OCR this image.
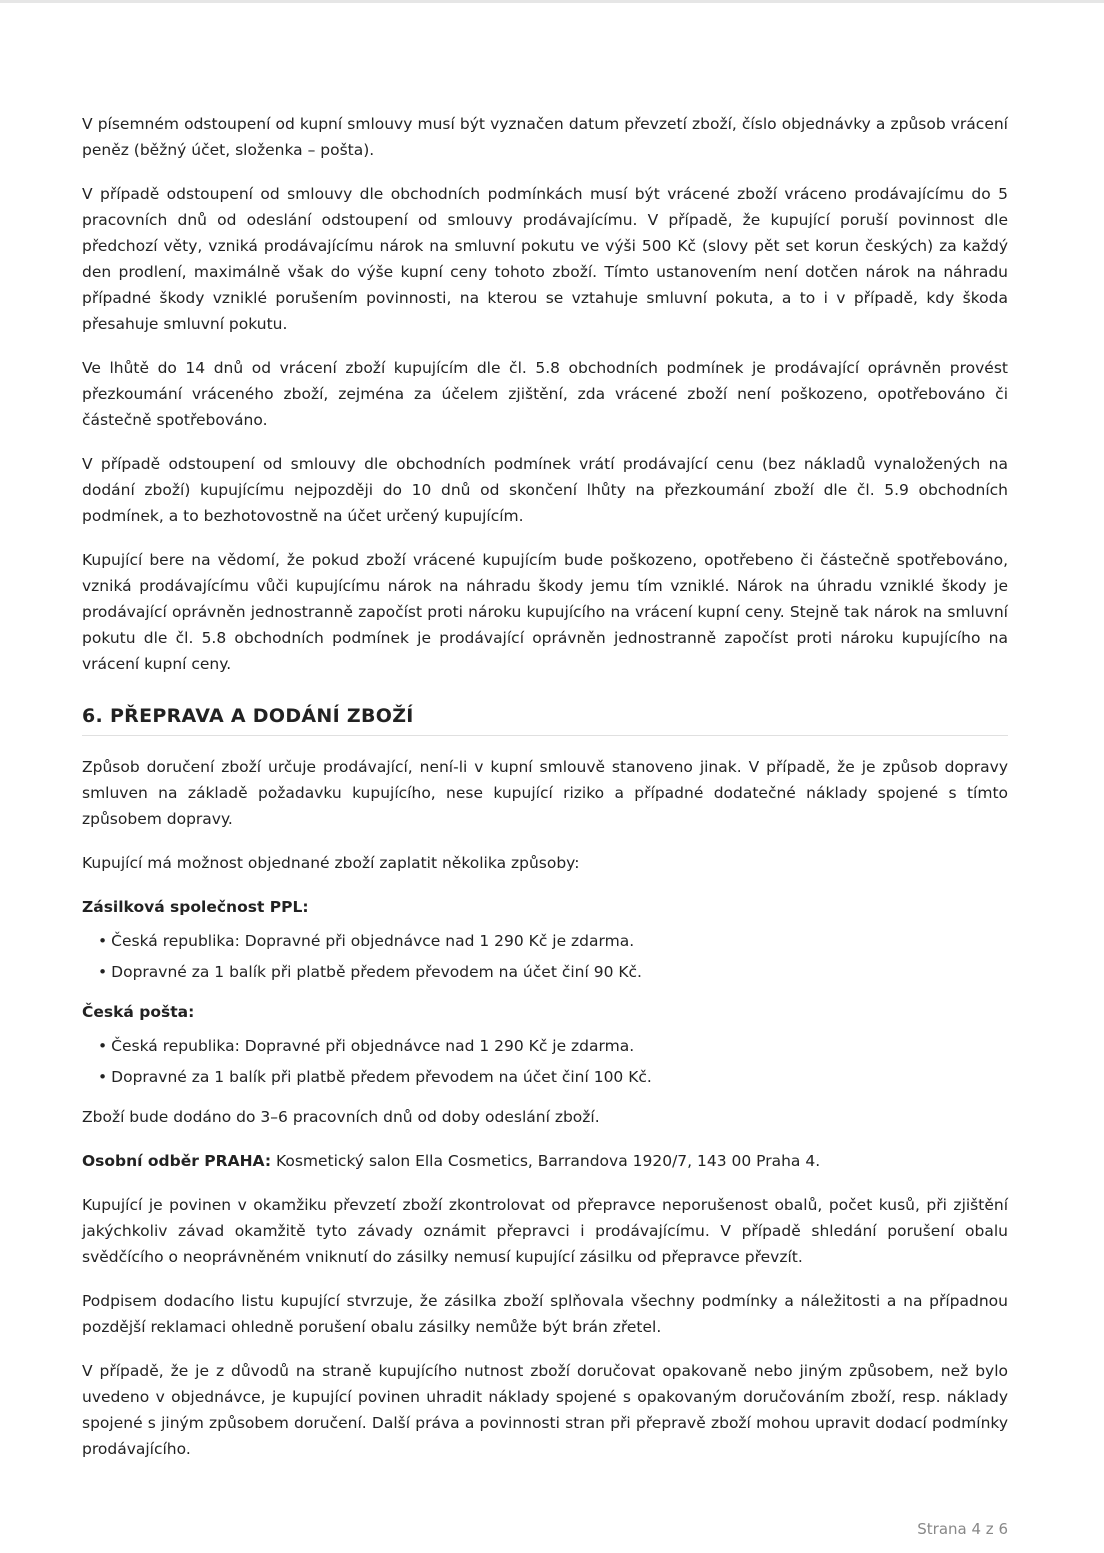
V písemném odstoupení od kupní smlouvy musí být vyznačen datum převzetí zboží, číslo objednávky a způsob vrácení peněz (běžný účet, složenka – pošta).

V případě odstoupení od smlouvy dle obchodních podmínkách musí být vrácené zboží vráceno prodávajícímu do 5 pracovních dnů od odeslání odstoupení od smlouvy prodávajícímu. V případě, že kupující poruší povinnost dle předchozí věty, vzniká prodávajícímu nárok na smluvní pokutu ve výši 500 Kč (slovy pět set korun českých) za každý den prodlení, maximálně však do výše kupní ceny tohoto zboží. Tímto ustanovením není dotčen nárok na náhradu případné škody vzniklé porušením povinnosti, na kterou se vztahuje smluvní pokuta, a to i v případě, kdy škoda přesahuje smluvní pokutu.

Ve lhůtě do 14 dnů od vrácení zboží kupujícím dle čl. 5.8 obchodních podmínek je prodávající oprávněn provést přezkoumání vráceného zboží, zejména za účelem zjištění, zda vrácené zboží není poškozeno, opotřebováno či částečně spotřebováno.

V případě odstoupení od smlouvy dle obchodních podmínek vrátí prodávající cenu (bez nákladů vynaložených na dodání zboží) kupujícímu nejpozději do 10 dnů od skončení lhůty na přezkoumání zboží dle čl. 5.9 obchodních podmínek, a to bezhotovostně na účet určený kupujícím.

Kupující bere na vědomí, že pokud zboží vrácené kupujícím bude poškozeno, opotřebeno či částečně spotřebováno, vzniká prodávajícímu vůči kupujícímu nárok na náhradu škody jemu tím vzniklé. Nárok na úhradu vzniklé škody je prodávající oprávněn jednostranně započíst proti nároku kupujícího na vrácení kupní ceny. Stejně tak nárok na smluvní pokutu dle čl. 5.8 obchodních podmínek je prodávající oprávněn jednostranně započíst proti nároku kupujícího na vrácení kupní ceny.

6. PŘEPRAVA A DODÁNÍ ZBOŽÍ

Způsob doručení zboží určuje prodávající, není-li v kupní smlouvě stanoveno jinak. V případě, že je způsob dopravy smluven na základě požadavku kupujícího, nese kupující riziko a případné dodatečné náklady spojené s tímto způsobem dopravy.

Kupující má možnost objednané zboží zaplatit několika způsoby:

Zásilková společnost PPL:
• Česká republika: Dopravné při objednávce nad 1 290 Kč je zdarma.
• Dopravné za 1 balík při platbě předem převodem na účet činí 90 Kč.
Česká pošta:
• Česká republika: Dopravné při objednávce nad 1 290 Kč je zdarma.
• Dopravné za 1 balík při platbě předem převodem na účet činí 100 Kč.

Zboží bude dodáno do 3–6 pracovních dnů od doby odeslání zboží.

Osobní odběr PRAHA: Kosmetický salon Ella Cosmetics, Barrandova 1920/7, 143 00 Praha 4.

Kupující je povinen v okamžiku převzetí zboží zkontrolovat od přepravce neporušenost obalů, počet kusů, při zjištění jakýchkoliv závad okamžitě tyto závady oznámit přepravci i prodávajícímu. V případě shledání porušení obalu svědčícího o neoprávněném vniknutí do zásilky nemusí kupující zásilku od přepravce převzít.

Podpisem dodacího listu kupující stvrzuje, že zásilka zboží splňovala všechny podmínky a náležitosti a na případnou pozdější reklamaci ohledně porušení obalu zásilky nemůže být brán zřetel.

V případě, že je z důvodů na straně kupujícího nutnost zboží doručovat opakovaně nebo jiným způsobem, než bylo uvedeno v objednávce, je kupující povinen uhradit náklady spojené s opakovaným doručováním zboží, resp. náklady spojené s jiným způsobem doručení. Další práva a povinnosti stran při přepravě zboží mohou upravit dodací podmínky prodávajícího.

Strana 4 z 6
